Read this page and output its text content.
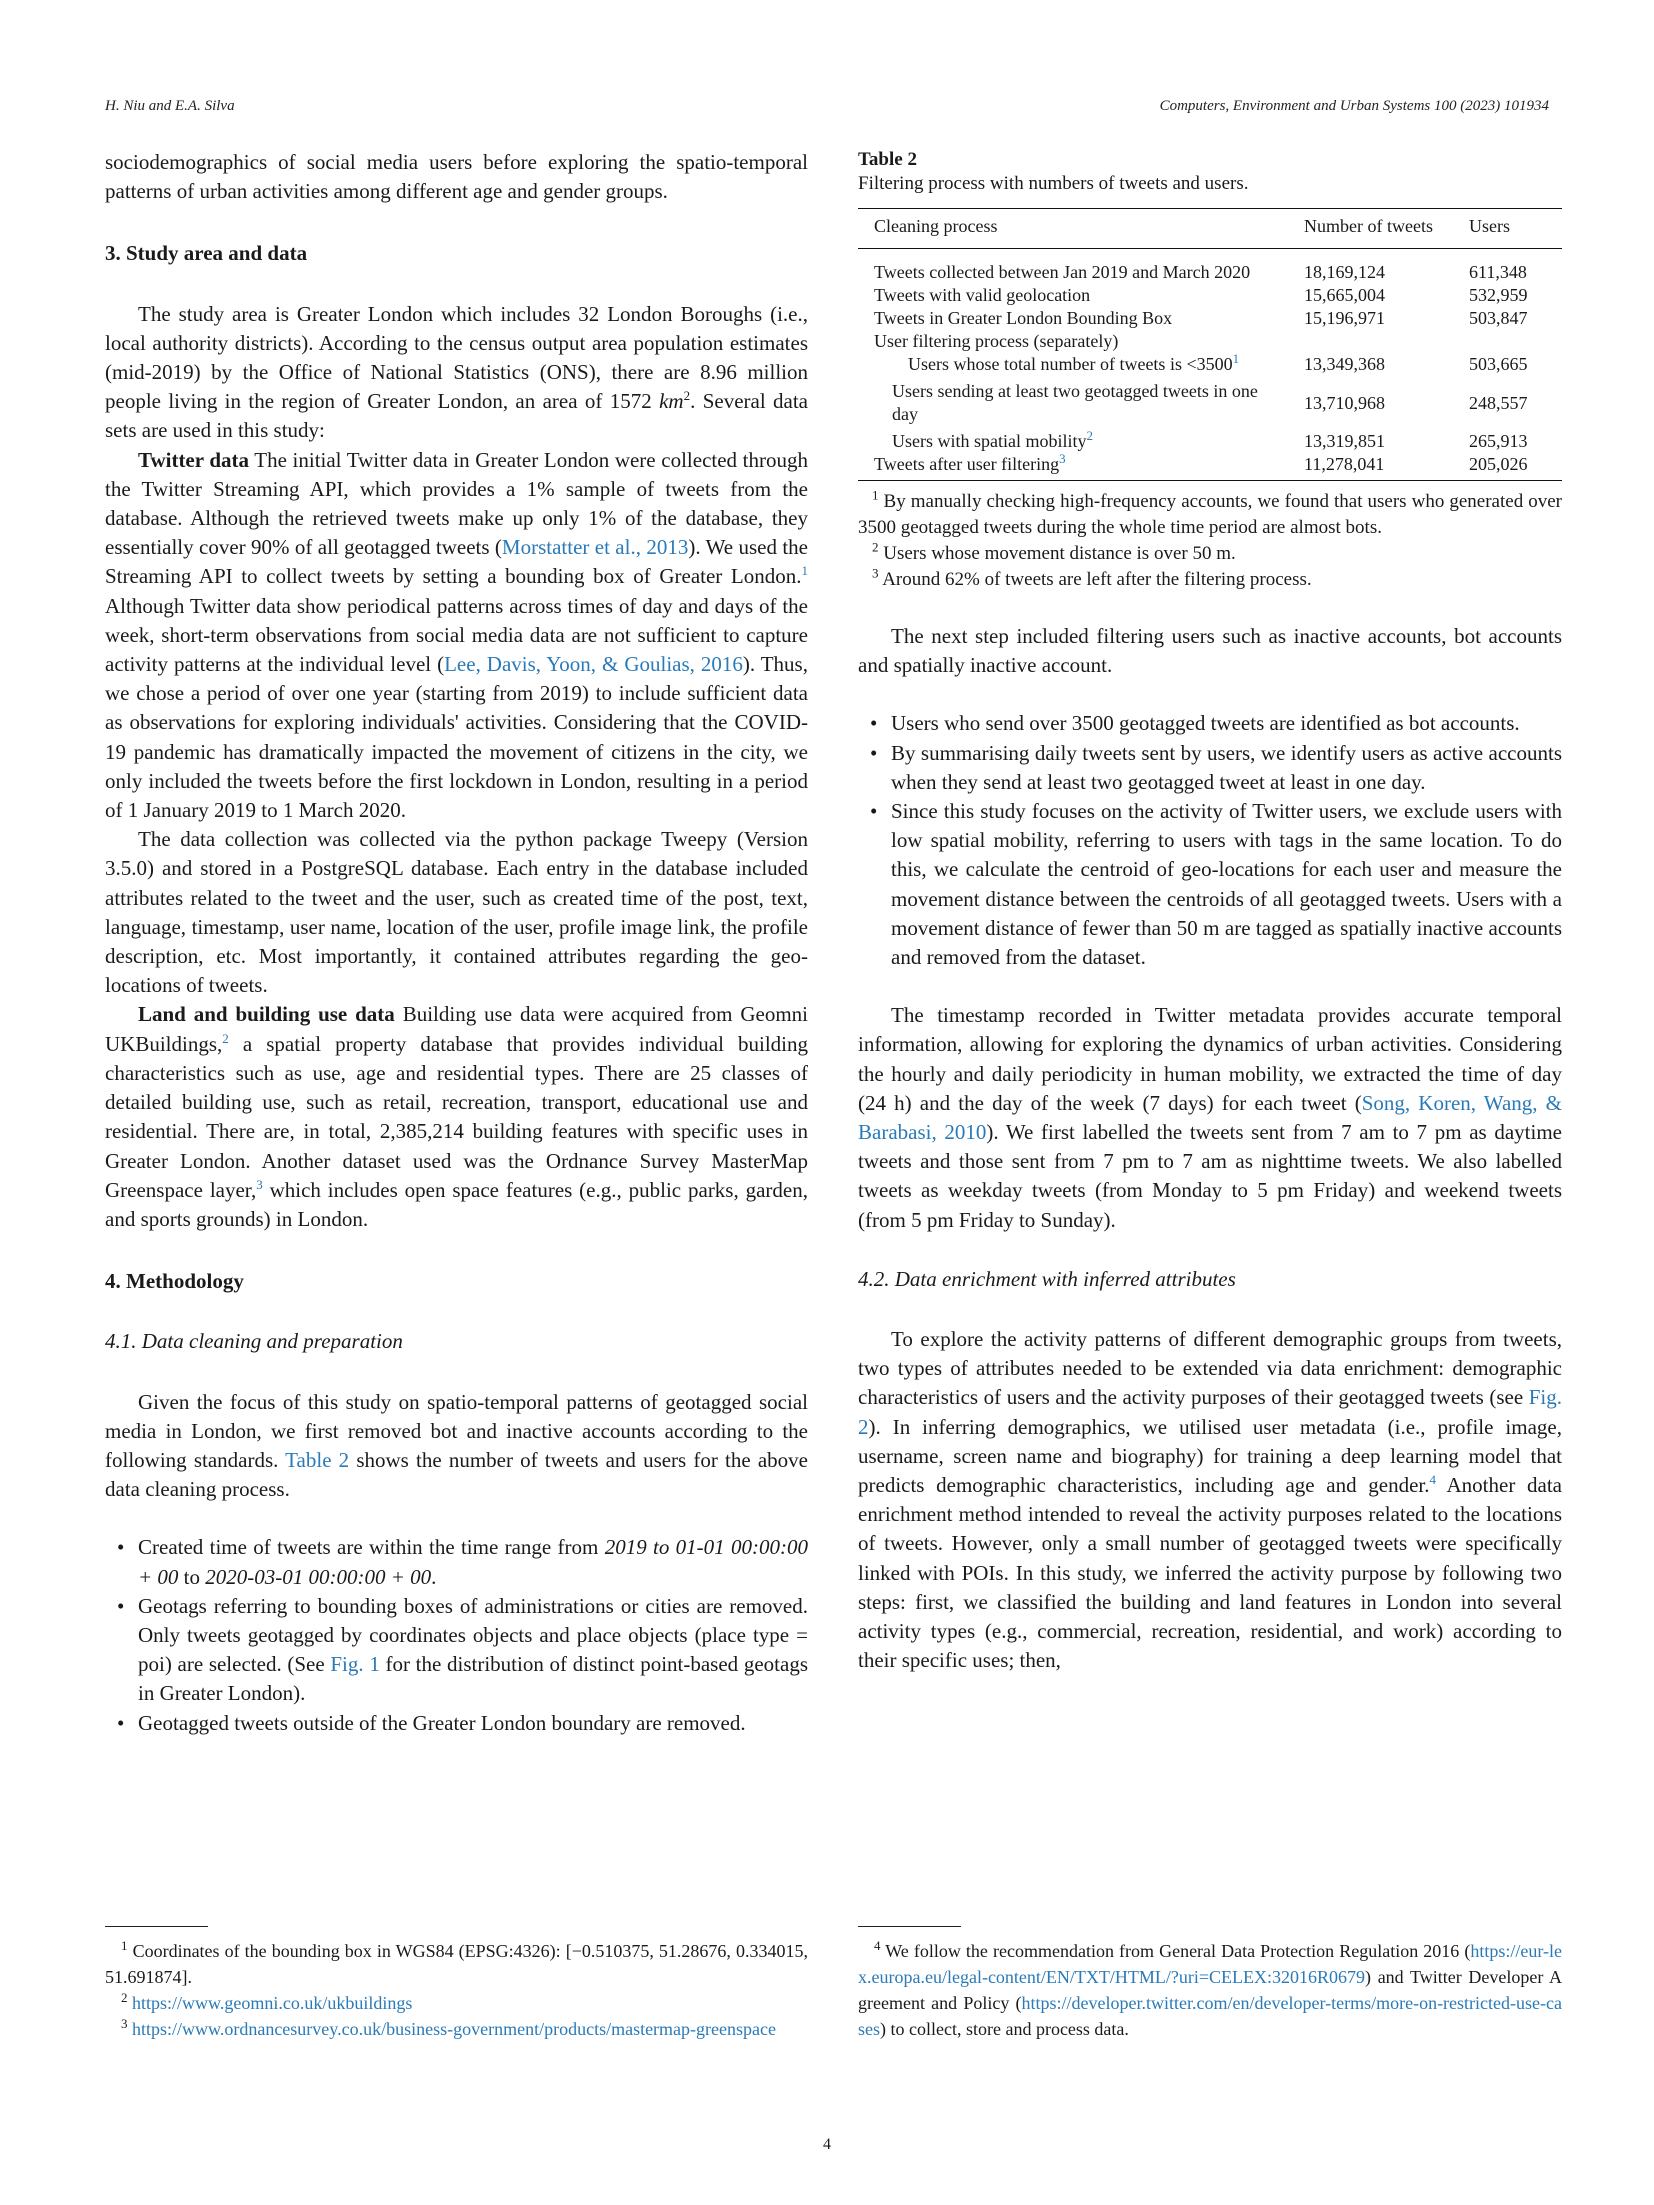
H. Niu and E.A. Silva	Computers, Environment and Urban Systems 100 (2023) 101934

sociodemographics of social media users before exploring the spatio-temporal patterns of urban activities among different age and gender groups.

3. Study area and data

The study area is Greater London which includes 32 London Boroughs (i.e., local authority districts). According to the census output area population estimates (mid-2019) by the Office of National Statistics (ONS), there are 8.96 million people living in the region of Greater London, an area of 1572 $km^2$. Several data sets are used in this study:

Twitter data The initial Twitter data in Greater London were collected through the Twitter Streaming API, which provides a 1% sample of tweets from the database. Although the retrieved tweets make up only 1% of the database, they essentially cover 90% of all geotagged tweets (Morstatter et al., 2013). We used the Streaming API to collect tweets by setting a bounding box of Greater London.$^1$ Although Twitter data show periodical patterns across times of day and days of the week, short-term observations from social media data are not sufficient to capture activity patterns at the individual level (Lee, Davis, Yoon, & Goulias, 2016). Thus, we chose a period of over one year (starting from 2019) to include sufficient data as observations for exploring individuals' activities. Considering that the COVID-19 pandemic has dramatically impacted the movement of citizens in the city, we only included the tweets before the first lockdown in London, resulting in a period of 1 January 2019 to 1 March 2020.

The data collection was collected via the python package Tweepy (Version 3.5.0) and stored in a PostgreSQL database. Each entry in the database included attributes related to the tweet and the user, such as created time of the post, text, language, timestamp, user name, location of the user, profile image link, the profile description, etc. Most importantly, it contained attributes regarding the geo-locations of tweets.

Land and building use data Building use data were acquired from Geomni UKBuildings,$^2$ a spatial property database that provides individual building characteristics such as use, age and residential types. There are 25 classes of detailed building use, such as retail, recreation, transport, educational use and residential. There are, in total, 2,385,214 building features with specific uses in Greater London. Another dataset used was the Ordnance Survey MasterMap Greenspace layer,$^3$ which includes open space features (e.g., public parks, garden, and sports grounds) in London.

4. Methodology
4.1. Data cleaning and preparation

Given the focus of this study on spatio-temporal patterns of geotagged social media in London, we first removed bot and inactive accounts according to the following standards. Table 2 shows the number of tweets and users for the above data cleaning process.

• Created time of tweets are within the time range from 2019 to 01-01 00:00:00 + 00 to 2020-03-01 00:00:00 + 00.
• Geotags referring to bounding boxes of administrations or cities are removed. Only tweets geotagged by coordinates objects and place objects (place type = poi) are selected. (See Fig. 1 for the distribution of distinct point-based geotags in Greater London).
• Geotagged tweets outside of the Greater London boundary are removed.
$^1$ Coordinates of the bounding box in WGS84 (EPSG:4326): [−0.510375, 51.28676, 0.334015, 51.691874].
$^2$ https://www.geomni.co.uk/ukbuildings
$^3$ https://www.ordnancesurvey.co.uk/business-government/products/mastermap-greenspace
Table 2
Filtering process with numbers of tweets and users.
Cleaning process	Number of tweets	Users
Tweets collected between Jan 2019 and March 2020	18,169,124	611,348
Tweets with valid geolocation	15,665,004	532,959
Tweets in Greater London Bounding Box	15,196,971	503,847
User filtering process (separately)		
Users whose total number of tweets is $<3500^1$	13,349,368	503,665
Users sending at least two geotagged tweets in one day	13,710,968	248,557
Users with spatial mobility$^2$	13,319,851	265,913
Tweets after user filtering$^3$	11,278,041	205,026
$^1$ By manually checking high-frequency accounts, we found that users who generated over 3500 geotagged tweets during the whole time period are almost bots.
$^2$ Users whose movement distance is over 50 m.
$^3$ Around 62% of tweets are left after the filtering process.

The next step included filtering users such as inactive accounts, bot accounts and spatially inactive account.

• Users who send over 3500 geotagged tweets are identified as bot accounts.
• By summarising daily tweets sent by users, we identify users as active accounts when they send at least two geotagged tweet at least in one day.
• Since this study focuses on the activity of Twitter users, we exclude users with low spatial mobility, referring to users with tags in the same location. To do this, we calculate the centroid of geo-locations for each user and measure the movement distance between the centroids of all geotagged tweets. Users with a movement distance of fewer than 50 m are tagged as spatially inactive accounts and removed from the dataset.

The timestamp recorded in Twitter metadata provides accurate temporal information, allowing for exploring the dynamics of urban activities. Considering the hourly and daily periodicity in human mobility, we extracted the time of day (24 h) and the day of the week (7 days) for each tweet (Song, Koren, Wang, & Barabasi, 2010). We first labelled the tweets sent from 7 am to 7 pm as daytime tweets and those sent from 7 pm to 7 am as nighttime tweets. We also labelled tweets as weekday tweets (from Monday to 5 pm Friday) and weekend tweets (from 5 pm Friday to Sunday).

4.2. Data enrichment with inferred attributes

To explore the activity patterns of different demographic groups from tweets, two types of attributes needed to be extended via data enrichment: demographic characteristics of users and the activity purposes of their geotagged tweets (see Fig. 2). In inferring demographics, we utilised user metadata (i.e., profile image, username, screen name and biography) for training a deep learning model that predicts demographic characteristics, including age and gender.$^4$ Another data enrichment method intended to reveal the activity purposes related to the locations of tweets. However, only a small number of geotagged tweets were specifically linked with POIs. In this study, we inferred the activity purpose by following two steps: first, we classified the building and land features in London into several activity types (e.g., commercial, recreation, residential, and work) according to their specific uses; then,

$^4$ We follow the recommendation from General Data Protection Regulation 2016 (https://eur-lex.europa.eu/legal-content/EN/TXT/HTML/?uri=CELEX:32016R0679) and Twitter Developer Agreement and Policy (https://developer.twitter.com/en/developer-terms/more-on-restricted-use-cases) to collect, store and process data.
4
